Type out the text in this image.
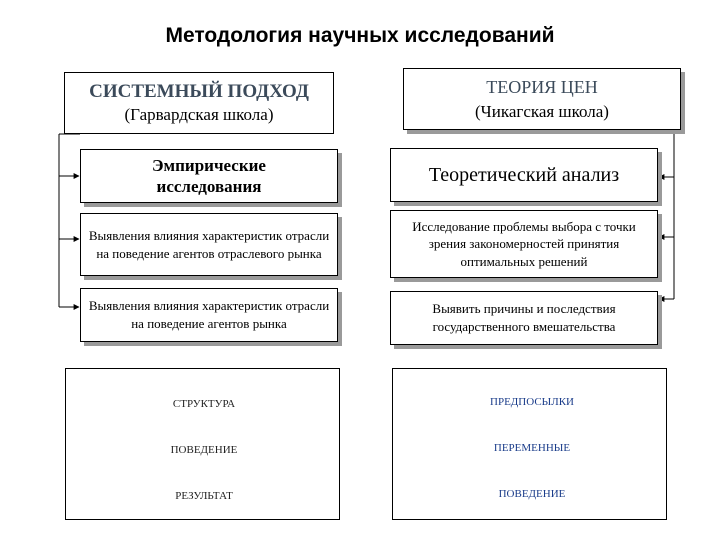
Методология научных исследований
СИСТЕМНЫЙ ПОДХОД
(Гарвардская школа)
ТЕОРИЯ ЦЕН
(Чикагская школа)
Эмпирические исследования
Теоретический анализ
Выявления влияния характеристик отрасли на поведение агентов отраслевого рынка
Исследование проблемы выбора с точки зрения закономерностей принятия оптимальных решений
Выявления влияния характеристик отрасли на поведение агентов рынка
Выявить причины и последствия государственного вмешательства
СТРУКТУРА
ПОВЕДЕНИЕ
РЕЗУЛЬТАТ
ПРЕДПОСЫЛКИ
ПЕРЕМЕННЫЕ
ПОВЕДЕНИЕ
